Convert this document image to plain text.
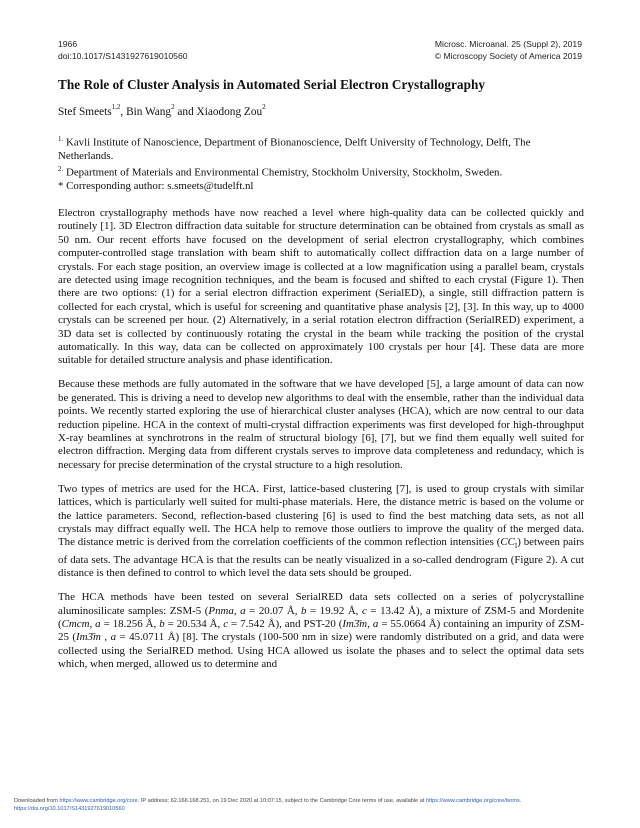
1966
doi:10.1017/S1431927619010560
Microsc. Microanal. 25 (Suppl 2), 2019
© Microscopy Society of America 2019
The Role of Cluster Analysis in Automated Serial Electron Crystallography
Stef Smeets$^{1,2}$, Bin Wang$^2$ and Xiaodong Zou$^2$
$^{1.}$ Kavli Institute of Nanoscience, Department of Bionanoscience, Delft University of Technology, Delft, The Netherlands.
$^{2.}$ Department of Materials and Environmental Chemistry, Stockholm University, Stockholm, Sweden.
* Corresponding author: s.smeets@tudelft.nl

Electron crystallography methods have now reached a level where high-quality data can be collected quickly and routinely [1]. 3D Electron diffraction data suitable for structure determination can be obtained from crystals as small as 50 nm. Our recent efforts have focused on the development of serial electron crystallography, which combines computer-controlled stage translation with beam shift to automatically collect diffraction data on a large number of crystals. For each stage position, an overview image is collected at a low magnification using a parallel beam, crystals are detected using image recognition techniques, and the beam is focused and shifted to each crystal (Figure 1). Then there are two options: (1) for a serial electron diffraction experiment (SerialED), a single, still diffraction pattern is collected for each crystal, which is useful for screening and quantitative phase analysis [2], [3]. In this way, up to 4000 crystals can be screened per hour. (2) Alternatively, in a serial rotation electron diffraction (SerialRED) experiment, a 3D data set is collected by continuously rotating the crystal in the beam while tracking the position of the crystal automatically. In this way, data can be collected on approximately 100 crystals per hour [4]. These data are more suitable for detailed structure analysis and phase identification.

Because these methods are fully automated in the software that we have developed [5], a large amount of data can now be generated. This is driving a need to develop new algorithms to deal with the ensemble, rather than the individual data points. We recently started exploring the use of hierarchical cluster analyses (HCA), which are now central to our data reduction pipeline. HCA in the context of multi-crystal diffraction experiments was first developed for high-throughput X-ray beamlines at synchrotrons in the realm of structural biology [6], [7], but we find them equally well suited for electron diffraction. Merging data from different crystals serves to improve data completeness and redundacy, which is necessary for precise determination of the crystal structure to a high resolution.

Two types of metrics are used for the HCA. First, lattice-based clustering [7], is used to group crystals with similar lattices, which is particularly well suited for multi-phase materials. Here, the distance metric is based on the volume or the lattice parameters. Second, reflection-based clustering [6] is used to find the best matching data sets, as not all crystals may diffract equally well. The HCA help to remove those outliers to improve the quality of the merged data. The distance metric is derived from the correlation coefficients of the common reflection intensities $(CC_I)$ between pairs of data sets. The advantage HCA is that the results can be neatly visualized in a so-called dendrogram (Figure 2). A cut distance is then defined to control to which level the data sets should be grouped.

The HCA methods have been tested on several SerialRED data sets collected on a series of polycrystalline aluminosilicate samples: ZSM-5 (Pnma, a = 20.07 Å, b = 19.92 Å, c = 13.42 Å), a mixture of ZSM-5 and Mordenite (Cmcm, a = 18.256 Å, b = 20.534 Å, c = 7.542 Å), and PST-20 (Im3̄m, a = 55.0664 Å) containing an impurity of ZSM-25 (Im3̄m , a = 45.0711 Å) [8]. The crystals (100-500 nm in size) were randomly distributed on a grid, and data were collected using the SerialRED method. Using HCA allowed us isolate the phases and to select the optimal data sets which, when merged, allowed us to determine and

Downloaded from https://www.cambridge.org/core. IP address: 62.166.168.251, on 19 Dec 2020 at 10:07:15, subject to the Cambridge Core terms of use, available at https://www.cambridge.org/core/terms.
https://doi.org/10.1017/S1431927619010560
